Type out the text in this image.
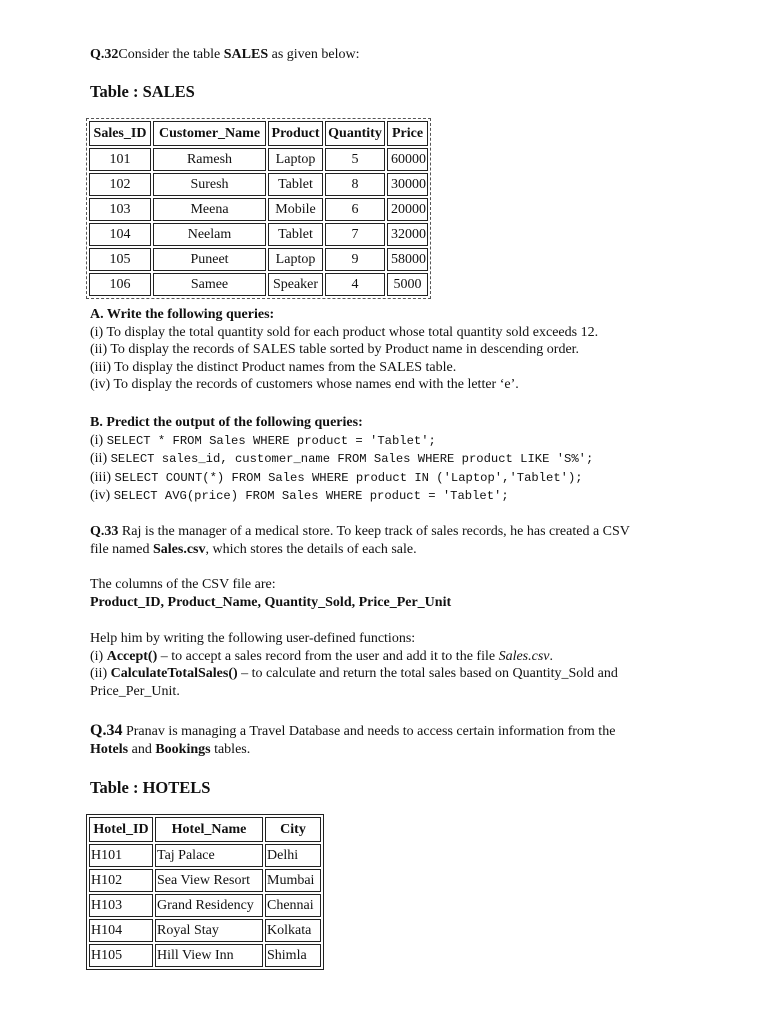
Q.32Consider the table SALES as given below:

Table : SALES

Sales_ID	Customer_Name	Product	Quantity	Price
101	Ramesh	Laptop	5	60000
102	Suresh	Tablet	8	30000
103	Meena	Mobile	6	20000
104	Neelam	Tablet	7	32000
105	Puneet	Laptop	9	58000
106	Samee	Speaker	4	5000

A. Write the following queries:

(i) To display the total quantity sold for each product whose total quantity sold exceeds 12.

(ii) To display the records of SALES table sorted by Product name in descending order.

(iii) To display the distinct Product names from the SALES table.

(iv) To display the records of customers whose names end with the letter ‘e’.

B. Predict the output of the following queries:

(i) SELECT * FROM Sales WHERE product = 'Tablet';

(ii) SELECT sales_id, customer_name FROM Sales WHERE product LIKE 'S%';

(iii) SELECT COUNT(*) FROM Sales WHERE product IN ('Laptop','Tablet');

(iv) SELECT AVG(price) FROM Sales WHERE product = 'Tablet';

Q.33 Raj is the manager of a medical store. To keep track of sales records, he has created a CSV

file named Sales.csv, which stores the details of each sale.

The columns of the CSV file are:

Product_ID, Product_Name, Quantity_Sold, Price_Per_Unit

Help him by writing the following user-defined functions:

(i) Accept() – to accept a sales record from the user and add it to the file Sales.csv.

(ii) CalculateTotalSales() – to calculate and return the total sales based on Quantity_Sold and

Price_Per_Unit.

Q.34 Pranav is managing a Travel Database and needs to access certain information from the

Hotels and Bookings tables.

Table : HOTELS

Hotel_ID	Hotel_Name	City
H101	Taj Palace	Delhi
H102	Sea View Resort	Mumbai
H103	Grand Residency	Chennai
H104	Royal Stay	Kolkata
H105	Hill View Inn	Shimla
